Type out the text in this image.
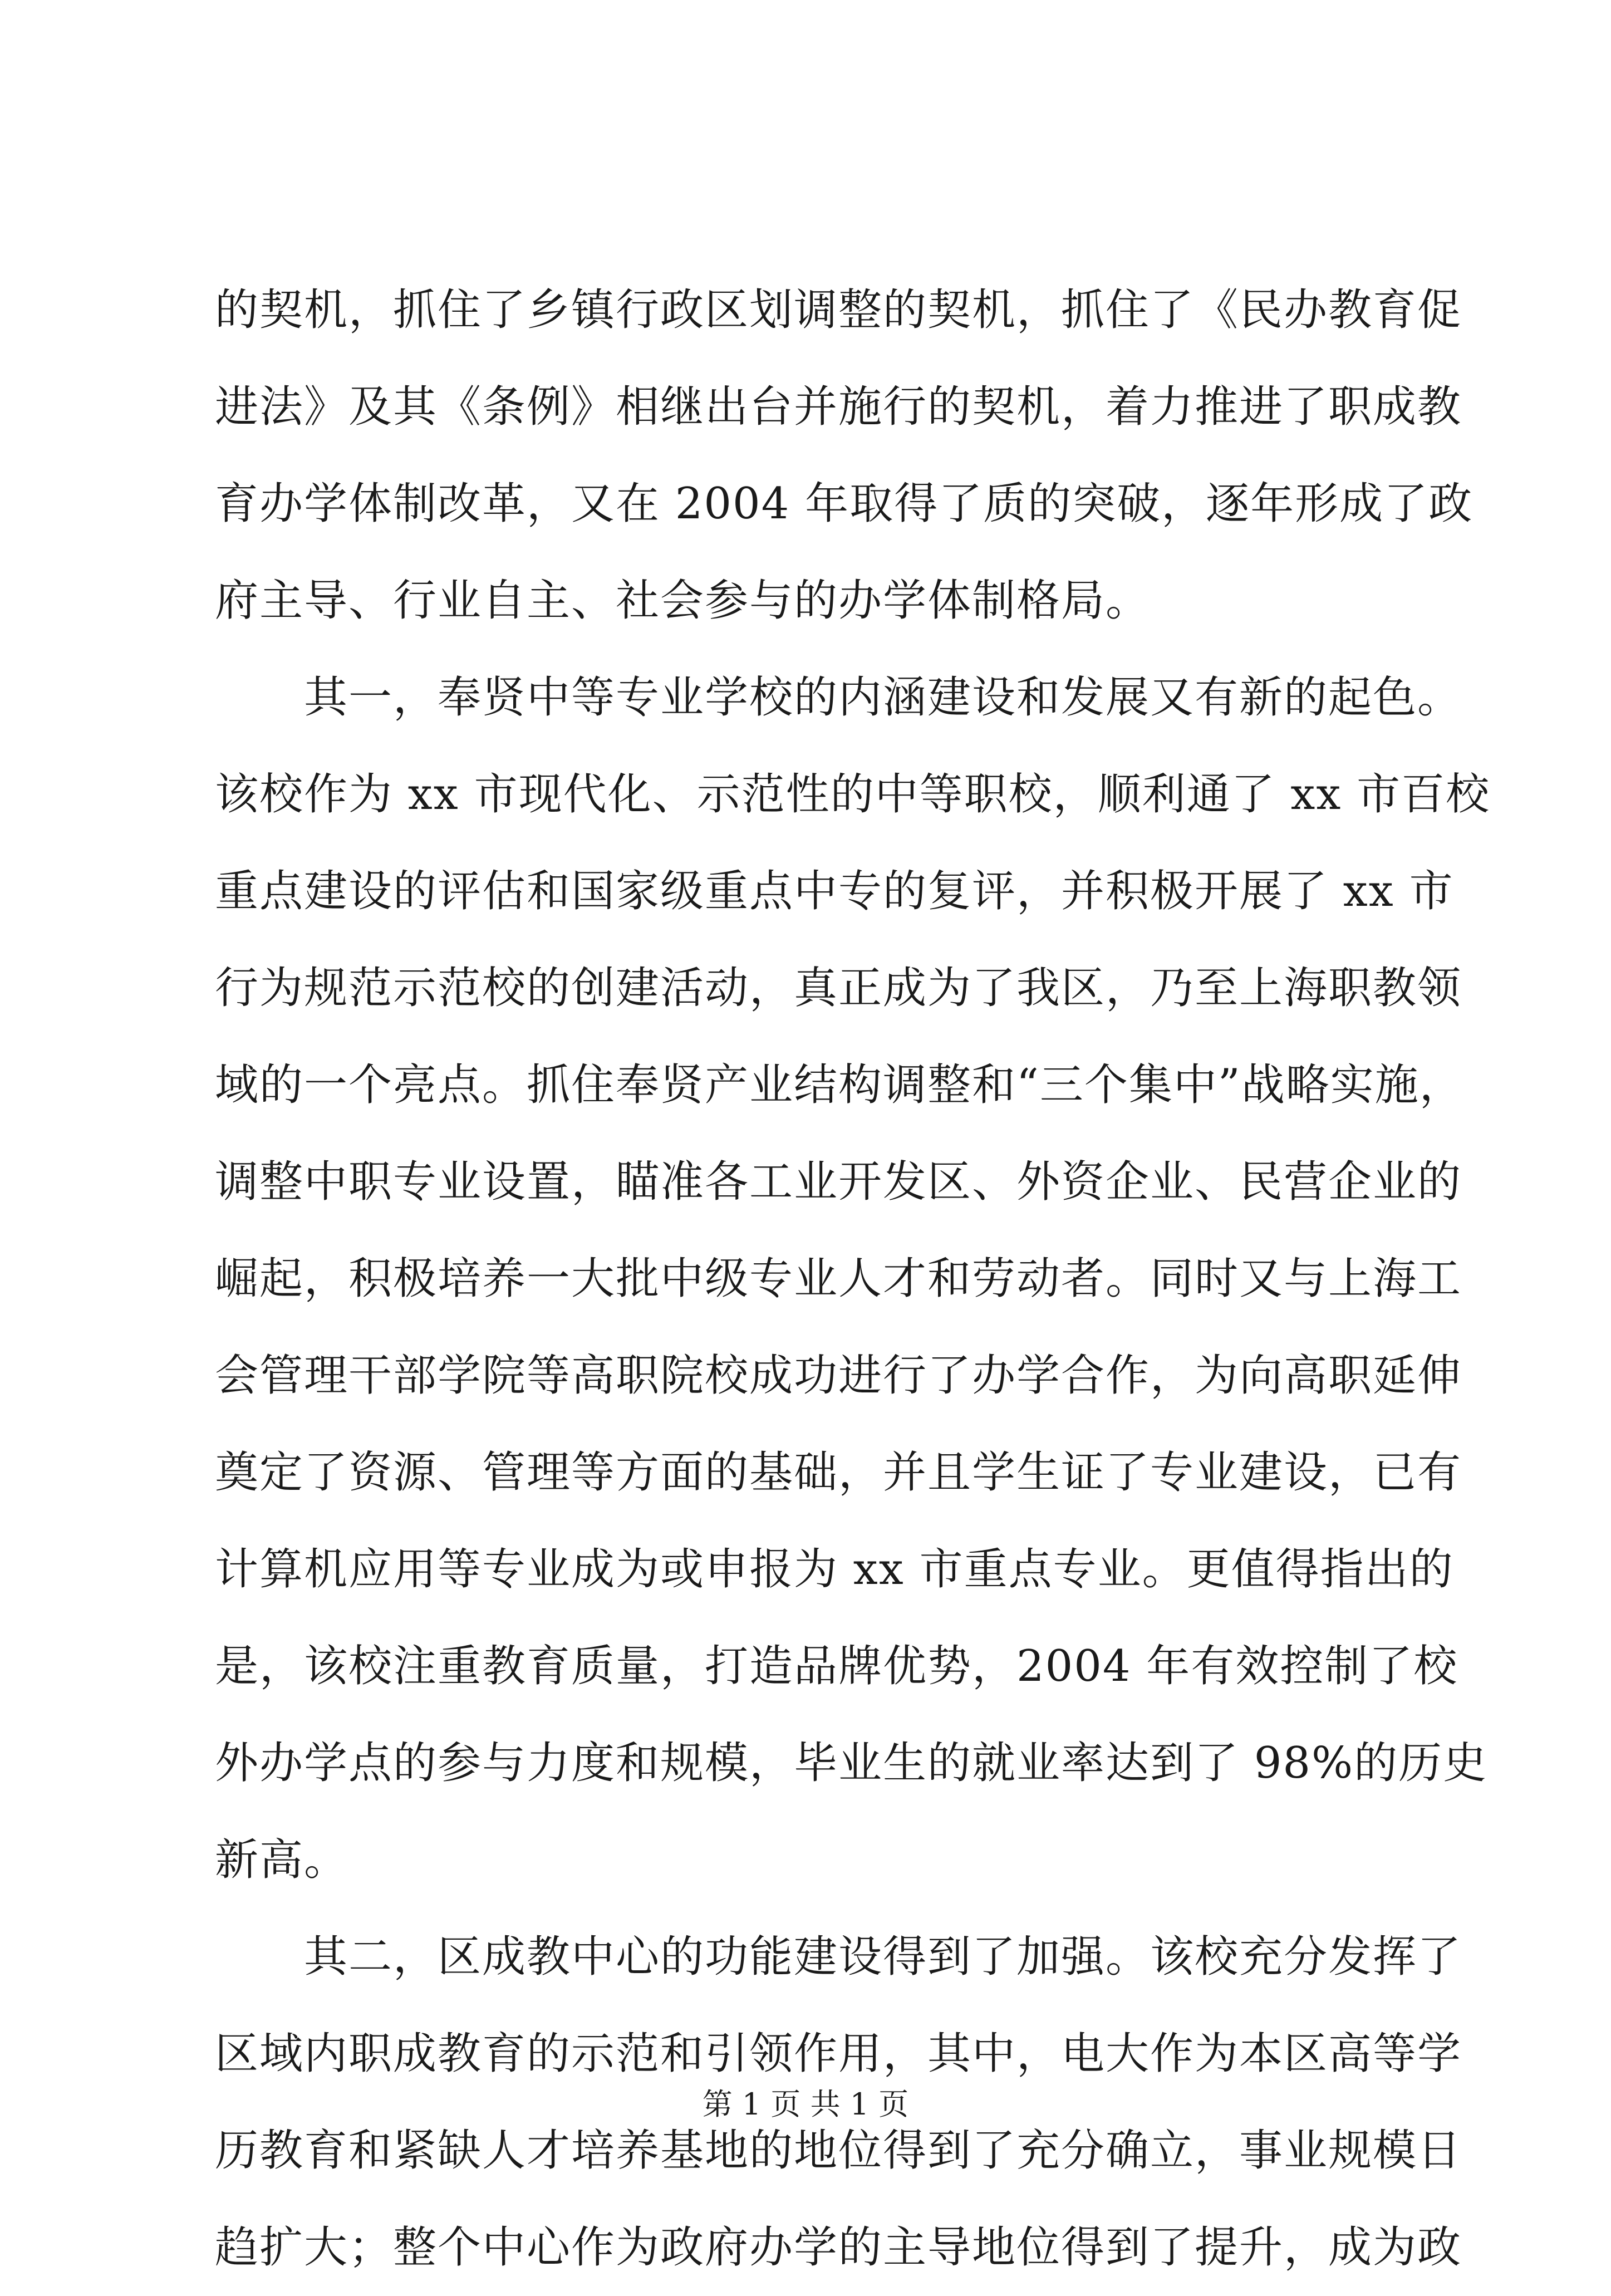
的契机，抓住了乡镇行政区划调整的契机，抓住了《民办教育促
进法》及其《条例》相继出台并施行的契机，着力推进了职成教
育办学体制改革，又在 2004 年取得了质的突破，逐年形成了政
府主导、行业自主、社会参与的办学体制格局。
　　其一，奉贤中等专业学校的内涵建设和发展又有新的起色。
该校作为 xx 市现代化、示范性的中等职校，顺利通了 xx 市百校
重点建设的评估和国家级重点中专的复评，并积极开展了 xx 市
行为规范示范校的创建活动，真正成为了我区，乃至上海职教领
域的一个亮点。抓住奉贤产业结构调整和“三个集中”战略实施，
调整中职专业设置，瞄准各工业开发区、外资企业、民营企业的
崛起，积极培养一大批中级专业人才和劳动者。同时又与上海工
会管理干部学院等高职院校成功进行了办学合作，为向高职延伸
奠定了资源、管理等方面的基础，并且学生证了专业建设，已有
计算机应用等专业成为或申报为 xx 市重点专业。更值得指出的
是，该校注重教育质量，打造品牌优势，2004 年有效控制了校
外办学点的参与力度和规模，毕业生的就业率达到了 98%的历史
新高。
　　其二，区成教中心的功能建设得到了加强。该校充分发挥了
区域内职成教育的示范和引领作用，其中，电大作为本区高等学
历教育和紧缺人才培养基地的地位得到了充分确立，事业规模日
趋扩大；整个中心作为政府办学的主导地位得到了提升，成为政
第 1 页 共 1 页
